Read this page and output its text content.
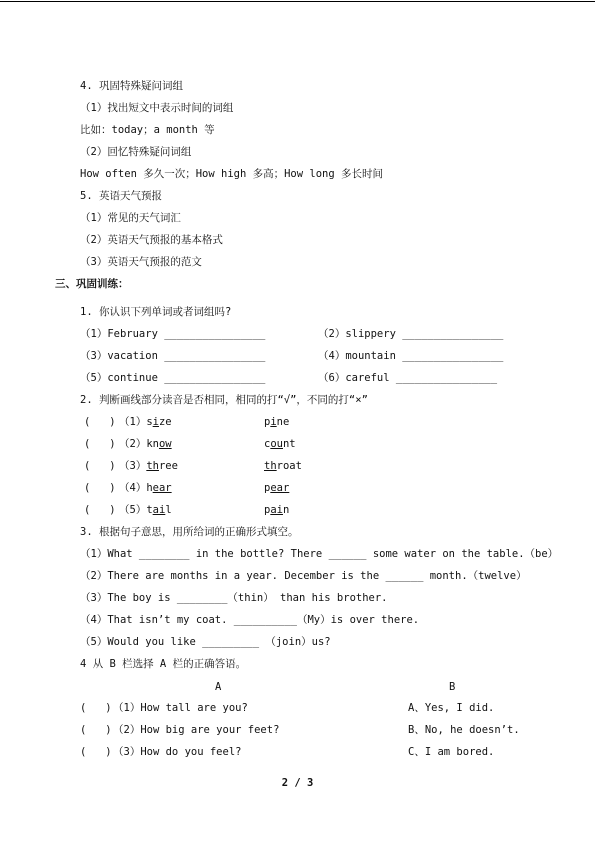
4. 巩固特殊疑问词组
（1）找出短文中表示时间的词组
比如：today；a month 等
（2）回忆特殊疑问词组
How often 多久一次；How high 多高；How long 多长时间
5. 英语天气预报
（1）常见的天气词汇
（2）英语天气预报的基本格式
（3）英语天气预报的范文
三、巩固训练：
1. 你认识下列单词或者词组吗?
（1）February ________________	（2）slippery ________________
（3）vacation ________________	（4）mountain ________________
（5）continue ________________	（6）careful ________________
2. 判断画线部分读音是否相同，相同的打“√”，不同的打“×”
(   ) （1）size	pine
(   ) （2）know	count
(   ) （3）three	throat
(   ) （4）hear	pear
(   ) （5）tail	pain
3. 根据句子意思，用所给词的正确形式填空。
（1）What ________ in the bottle? There ______ some water on the table.（be）
（2）There are months in a year. December is the ______ month.（twelve）
（3）The boy is ________（thin） than his brother.
（4）That isn’t my coat. __________（My）is over there.
（5）Would you like _________ （join）us?
4 从 B 栏选择 A 栏的正确答语。
A	B
(   ) （1）How tall are you?	A、Yes, I did.
(   ) （2）How big are your feet?	B、No, he doesn’t.
(   ) （3）How do you feel?	C、I am bored.
2 / 3
